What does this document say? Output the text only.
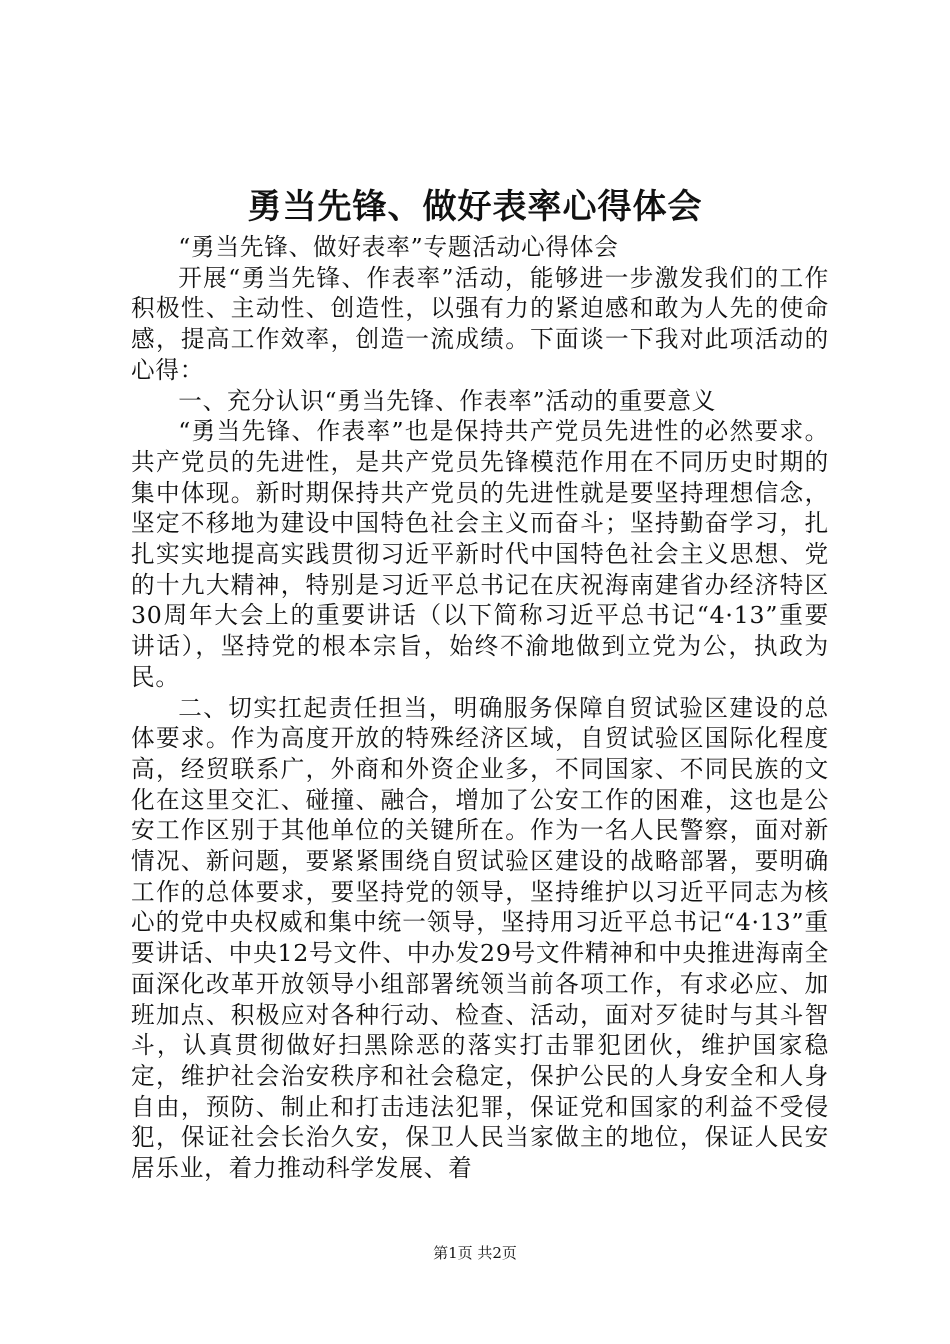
勇当先锋、做好表率心得体会

“勇当先锋、做好表率”专题活动心得体会

开展“勇当先锋、作表率”活动，能够进一步激发我们的工作积极性、主动性、创造性，以强有力的紧迫感和敢为人先的使命感，提高工作效率，创造一流成绩。下面谈一下我对此项活动的心得：

一、充分认识“勇当先锋、作表率”活动的重要意义

“勇当先锋、作表率”也是保持共产党员先进性的必然要求。共产党员的先进性，是共产党员先锋模范作用在不同历史时期的集中体现。新时期保持共产党员的先进性就是要坚持理想信念，坚定不移地为建设中国特色社会主义而奋斗；坚持勤奋学习，扎扎实实地提高实践贯彻习近平新时代中国特色社会主义思想、党的十九大精神，特别是习近平总书记在庆祝海南建省办经济特区30周年大会上的重要讲话（以下简称习近平总书记“4·13”重要讲话），坚持党的根本宗旨，始终不渝地做到立党为公，执政为民。

二、切实扛起责任担当，明确服务保障自贸试验区建设的总体要求。作为高度开放的特殊经济区域，自贸试验区国际化程度高，经贸联系广，外商和外资企业多，不同国家、不同民族的文化在这里交汇、碰撞、融合，增加了公安工作的困难，这也是公安工作区别于其他单位的关键所在。作为一名人民警察，面对新情况、新问题，要紧紧围绕自贸试验区建设的战略部署，要明确工作的总体要求，要坚持党的领导，坚持维护以习近平同志为核心的党中央权威和集中统一领导，坚持用习近平总书记“4·13”重要讲话、中央12号文件、中办发29号文件精神和中央推进海南全面深化改革开放领导小组部署统领当前各项工作，有求必应、加班加点、积极应对各种行动、检查、活动，面对歹徒时与其斗智斗，认真贯彻做好扫黑除恶的落实打击罪犯团伙，维护国家稳定，维护社会治安秩序和社会稳定，保护公民的人身安全和人身自由，预防、制止和打击违法犯罪，保证党和国家的利益不受侵犯，保证社会长治久安，保卫人民当家做主的地位，保证人民安居乐业，着力推动科学发展、着

第1页 共2页
